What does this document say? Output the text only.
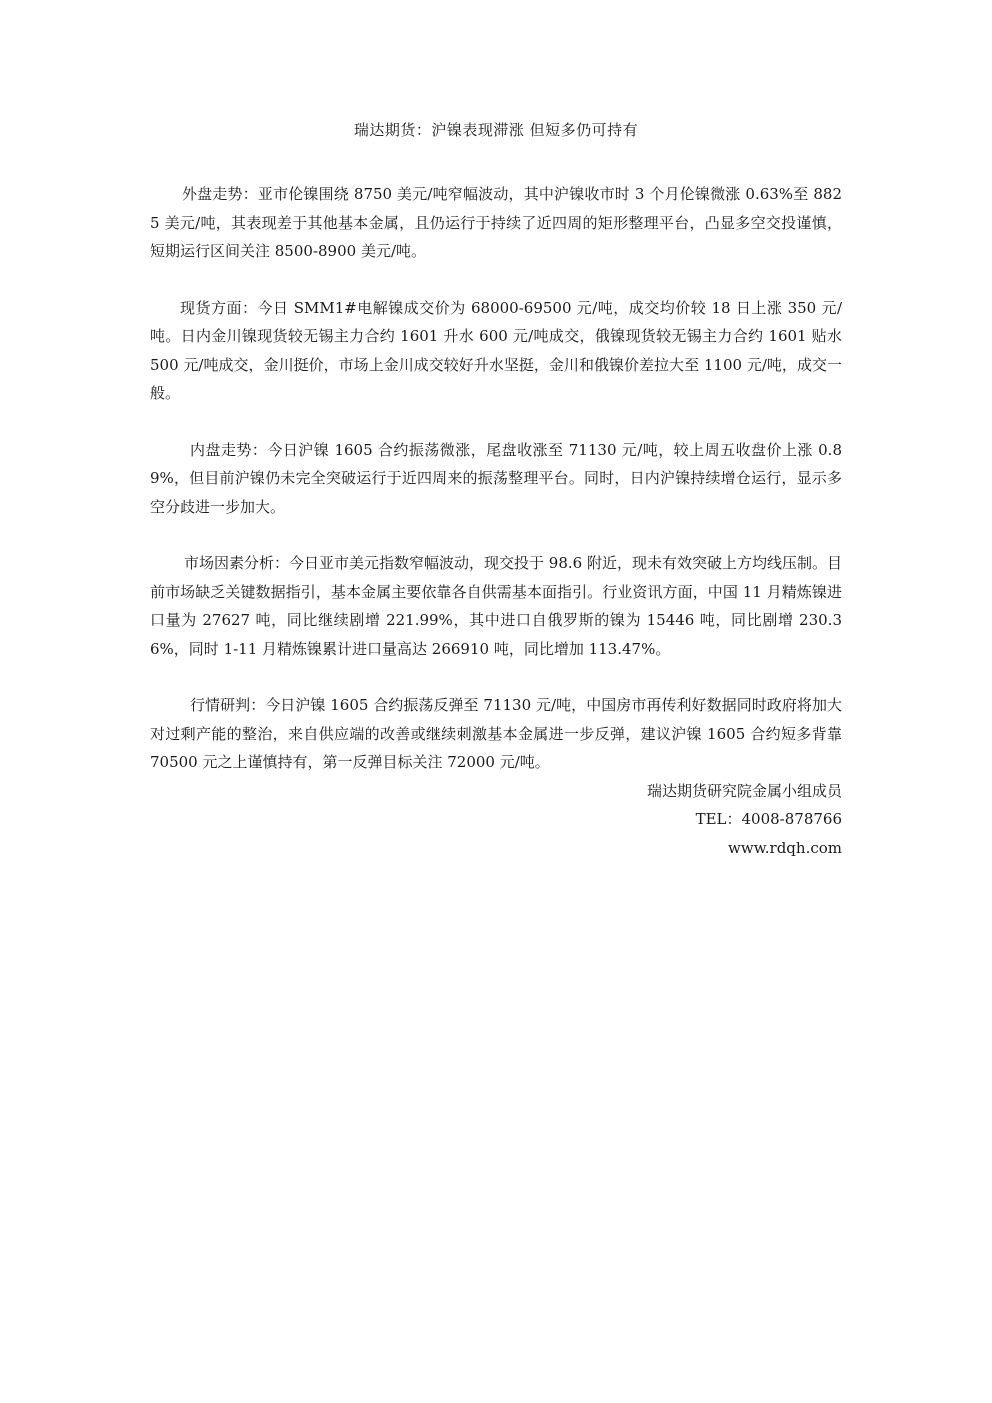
瑞达期货：沪镍表现滞涨 但短多仍可持有

外盘走势：亚市伦镍围绕 8750 美元/吨窄幅波动，其中沪镍收市时 3 个月伦镍微涨 0.63%至 8825 美元/吨，其表现差于其他基本金属，且仍运行于持续了近四周的矩形整理平台，凸显多空交投谨慎，短期运行区间关注 8500-8900 美元/吨。

现货方面：今日 SMM1#电解镍成交价为 68000-69500 元/吨，成交均价较 18 日上涨 350 元/吨。日内金川镍现货较无锡主力合约 1601 升水 600 元/吨成交，俄镍现货较无锡主力合约 1601 贴水 500 元/吨成交，金川挺价，市场上金川成交较好升水坚挺，金川和俄镍价差拉大至 1100 元/吨，成交一般。

内盘走势：今日沪镍 1605 合约振荡微涨，尾盘收涨至 71130 元/吨，较上周五收盘价上涨 0.89%，但目前沪镍仍未完全突破运行于近四周来的振荡整理平台。同时，日内沪镍持续增仓运行，显示多空分歧进一步加大。

市场因素分析：今日亚市美元指数窄幅波动，现交投于 98.6 附近，现未有效突破上方均线压制。目前市场缺乏关键数据指引，基本金属主要依靠各自供需基本面指引。行业资讯方面，中国 11 月精炼镍进口量为 27627 吨，同比继续剧增 221.99%，其中进口自俄罗斯的镍为 15446 吨，同比剧增 230.36%，同时 1-11 月精炼镍累计进口量高达 266910 吨，同比增加 113.47%。

行情研判：今日沪镍 1605 合约振荡反弹至 71130 元/吨，中国房市再传利好数据同时政府将加大对过剩产能的整治，来自供应端的改善或继续刺激基本金属进一步反弹，建议沪镍 1605 合约短多背靠 70500 元之上谨慎持有，第一反弹目标关注 72000 元/吨。

瑞达期货研究院金属小组成员
TEL：4008-878766
www.rdqh.com
